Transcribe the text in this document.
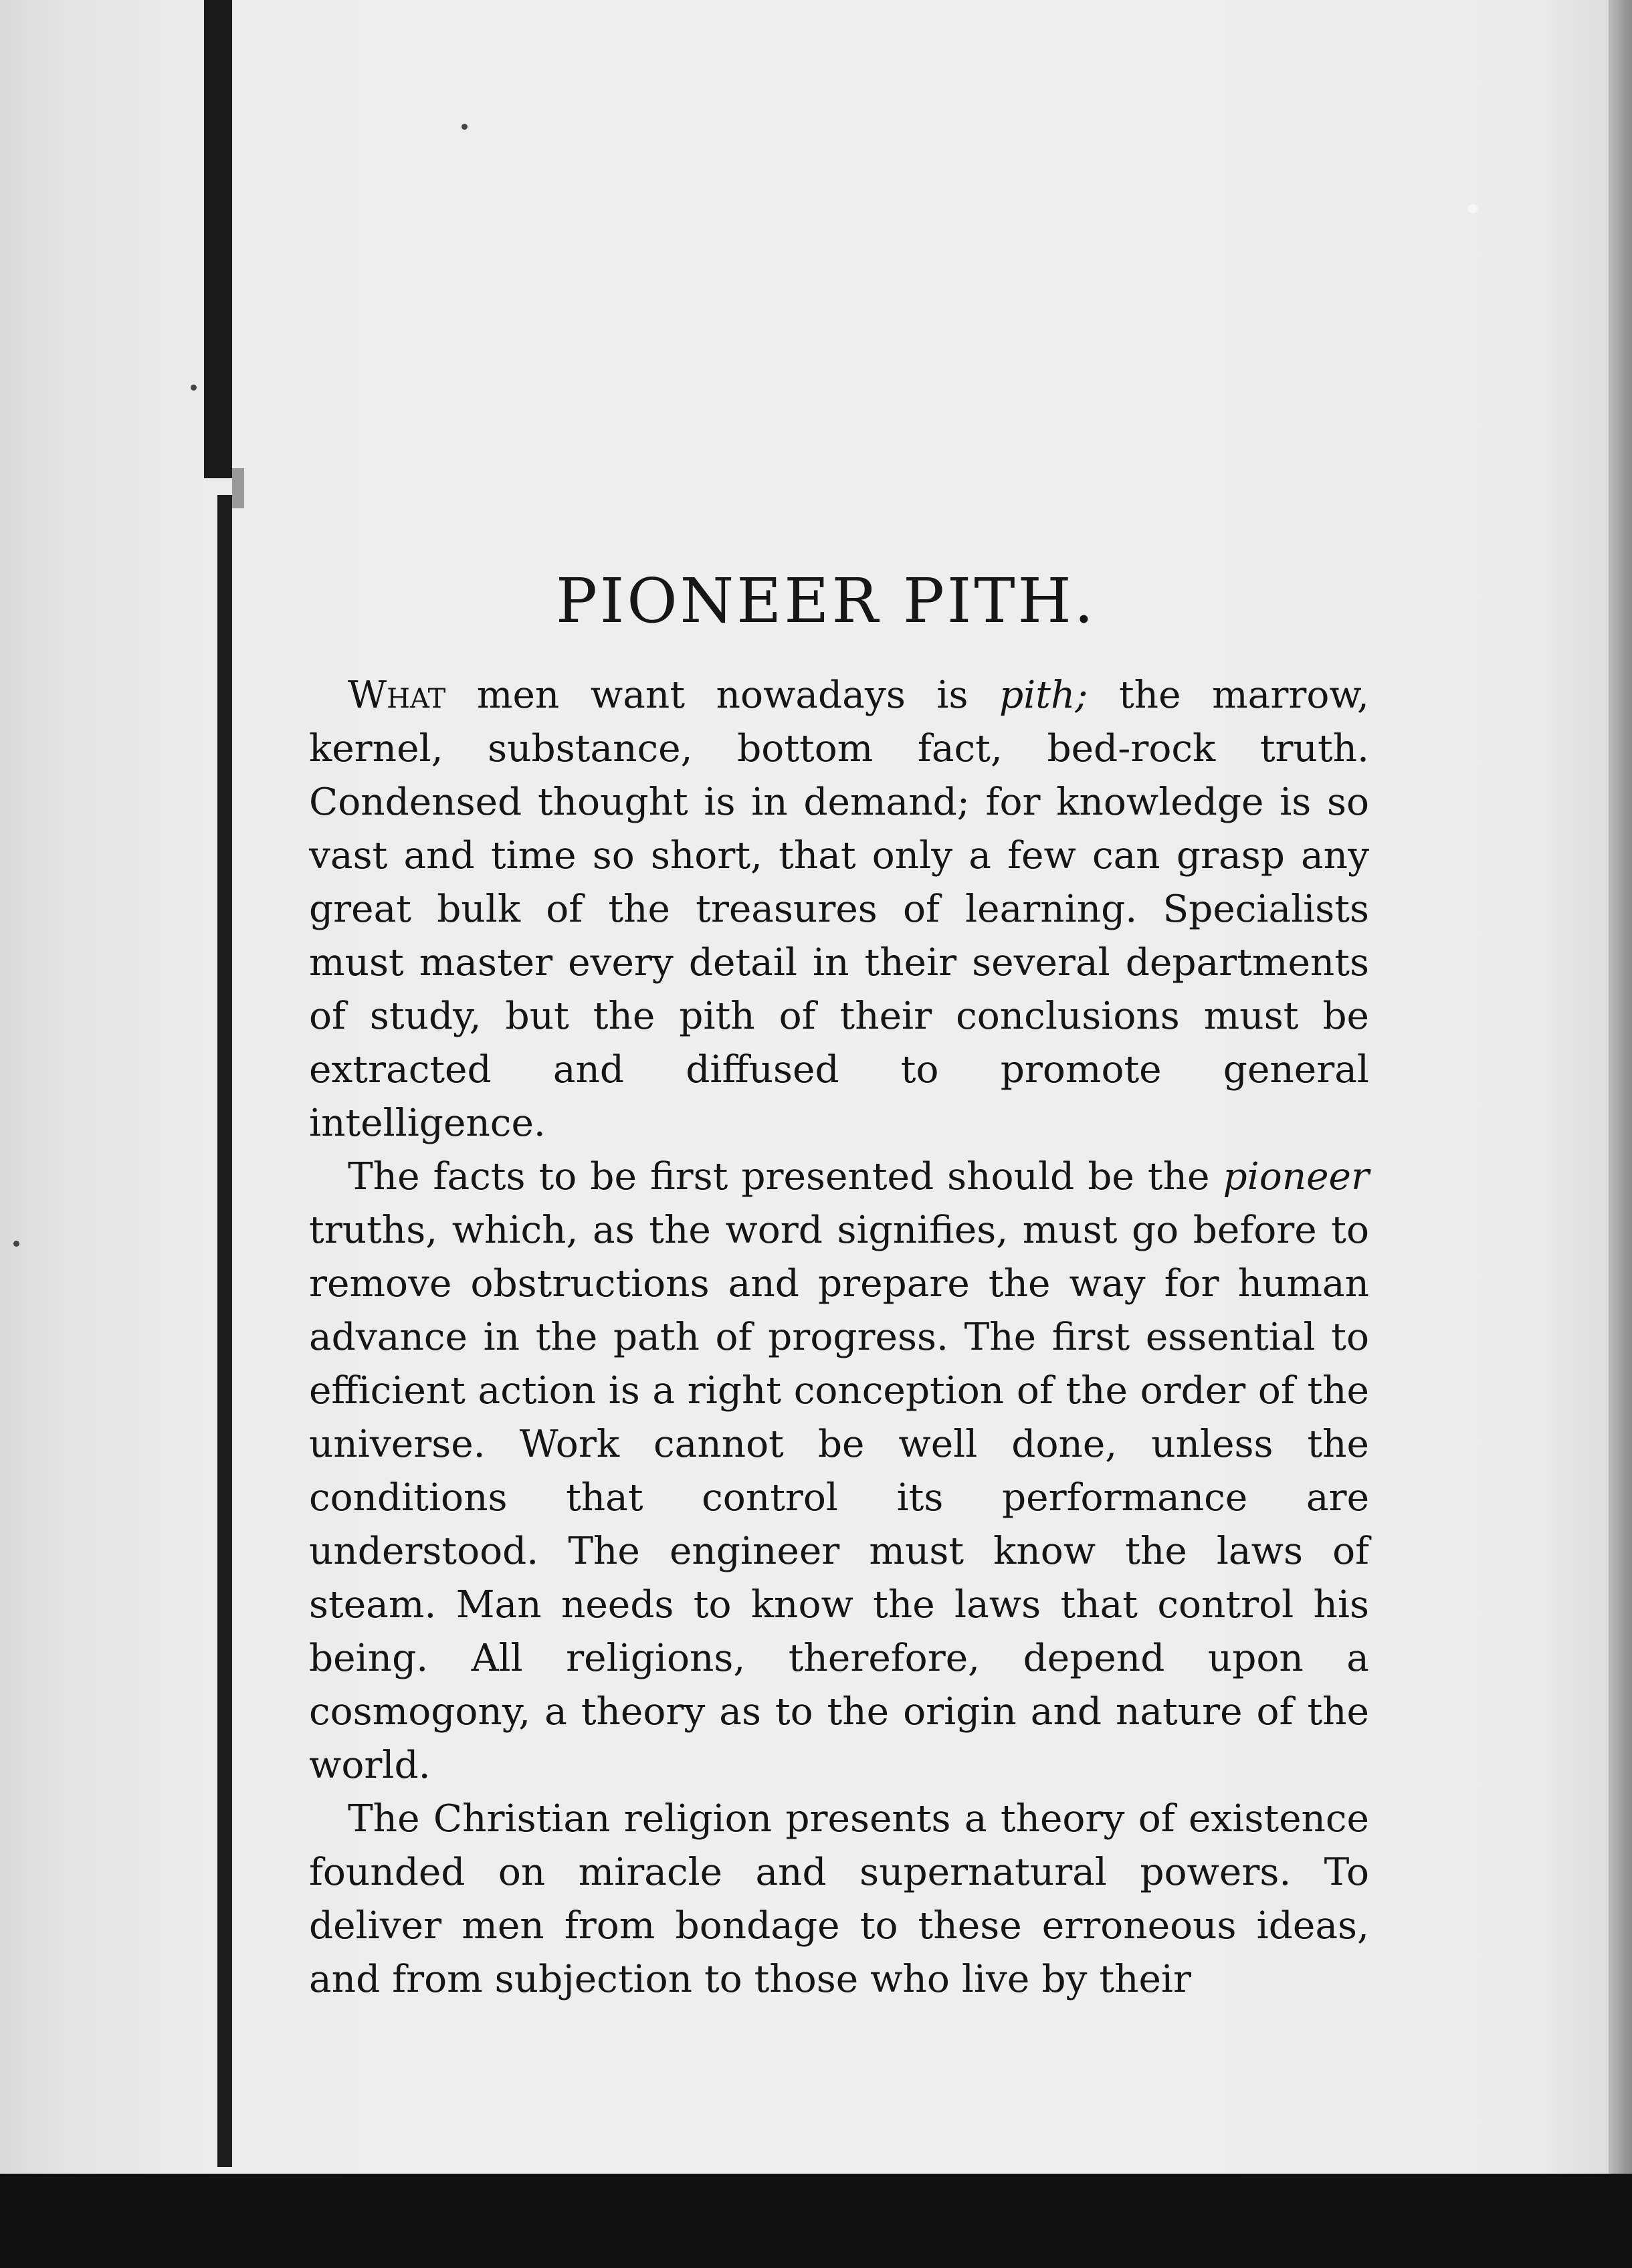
PIONEER PITH.

What men want nowadays is pith; the marrow, kernel, substance, bottom fact, bed-rock truth. Condensed thought is in demand; for knowledge is so vast and time so short, that only a few can grasp any great bulk of the treasures of learning. Specialists must master every detail in their several departments of study, but the pith of their conclusions must be extracted and diffused to promote general intelligence.

The facts to be first presented should be the pioneer truths, which, as the word signifies, must go before to remove obstructions and prepare the way for human advance in the path of progress. The first essential to efficient action is a right conception of the order of the universe. Work cannot be well done, unless the conditions that control its performance are understood. The engineer must know the laws of steam. Man needs to know the laws that control his being. All religions, therefore, depend upon a cosmogony, a theory as to the origin and nature of the world.

The Christian religion presents a theory of existence founded on miracle and supernatural powers. To deliver men from bondage to these erroneous ideas, and from subjection to those who live by their
